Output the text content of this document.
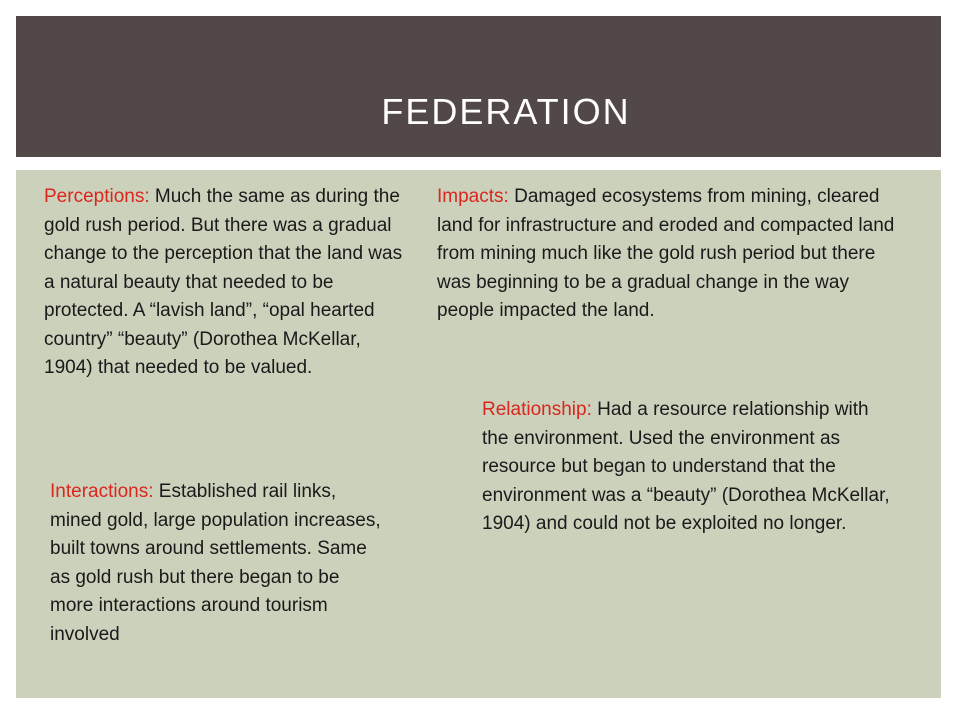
FEDERATION
Perceptions: Much the same as during the gold rush period. But there was a gradual change to the perception that the land was a natural beauty that needed to be protected. A “lavish land”, “opal hearted country” “beauty” (Dorothea McKellar, 1904) that needed to be valued.
Impacts: Damaged ecosystems from mining, cleared land for infrastructure and eroded and compacted land from mining much like the gold rush period but there was beginning to be a gradual change in the way people impacted the land.
Relationship: Had a resource relationship with the environment. Used the environment as resource but began to understand that the environment was a “beauty” (Dorothea McKellar, 1904) and could not be exploited no longer.
Interactions: Established rail links, mined gold, large population increases, built towns around settlements. Same as gold rush but there began to be more interactions around tourism involved
